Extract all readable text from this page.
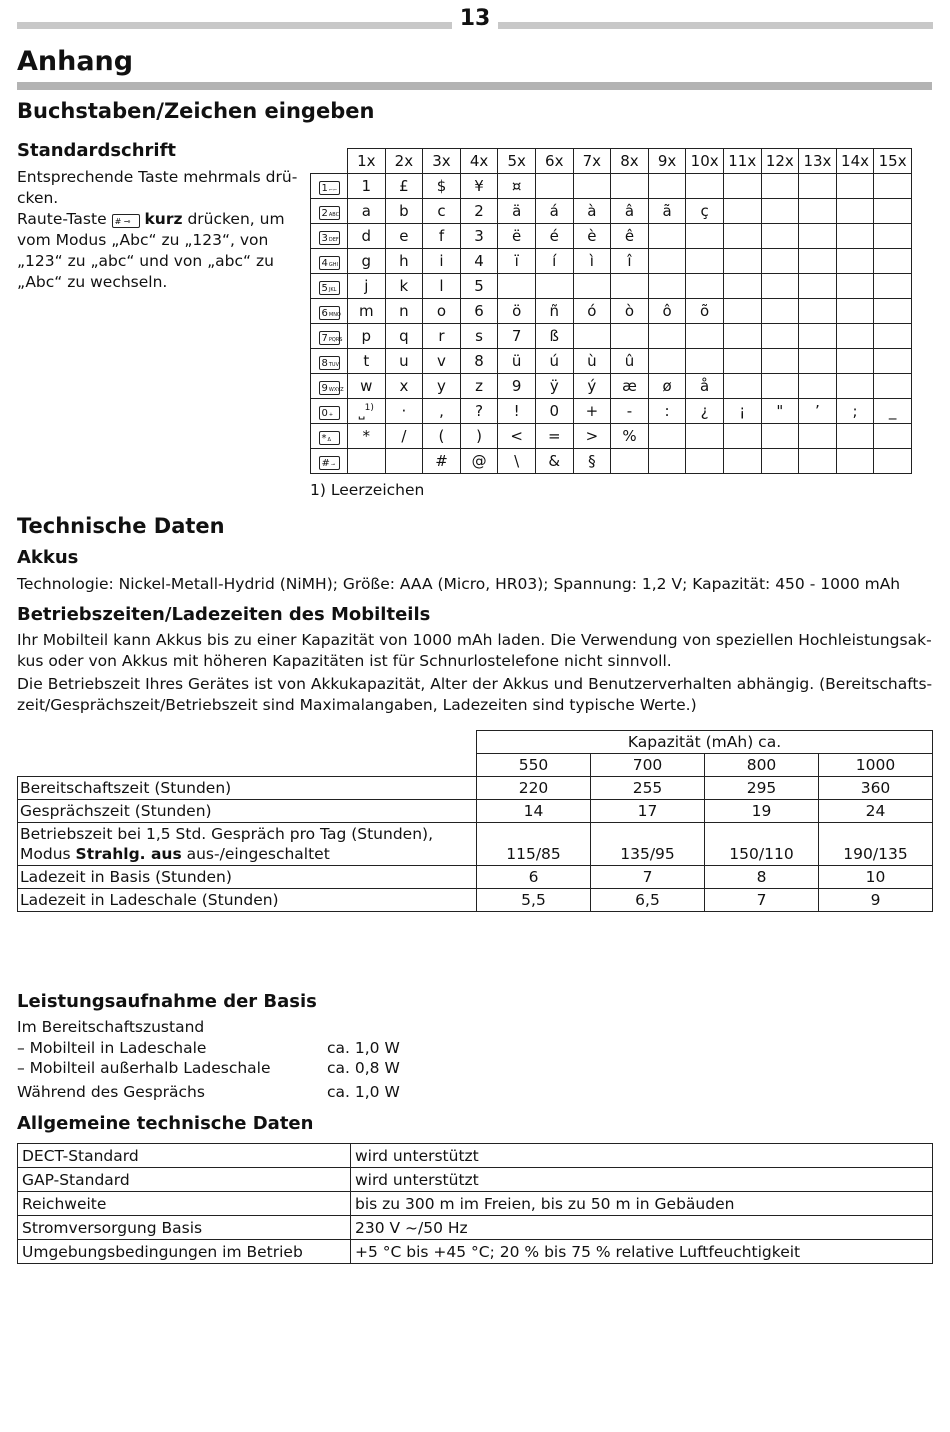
13
Anhang
Buchstaben/Zeichen eingeben
Standardschrift

Entsprechende Taste mehrmals drü-cken.

Raute-Taste # ⊸ kurz drücken, um vom Modus „Abc“ zu „123“, von „123“ zu „abc“ und von „abc“ zu „Abc“ zu wechseln.

	1x	2x	3x	4x	5x	6x	7x	8x	9x	10x	11x	12x	13x	14x	15x
1⌐⌐	1	£	$	¥	¤										
2ABC	a	b	c	2	ä	á	à	â	ã	ç					
3DEF	d	e	f	3	ë	é	è	ê							
4GHI	g	h	i	4	ï	í	ì	î							
5JKL	j	k	l	5											
6MNO	m	n	o	6	ö	ñ	ó	ò	ô	õ					
7PQRS	p	q	r	s	7	ß									
8TUV	t	u	v	8	ü	ú	ù	û							
9WXYZ	w	x	y	z	9	ÿ	ý	æ	ø	å					
0+	⎵$^{1)}$	·	,	?	!	0	+	-	:	¿	¡	"	’	;	_
*Δ	*	/	(	)	<	=	>	%							
#⊸			#	@	\	&	§								
1) Leerzeichen
Technische Daten
Akkus
Technologie: Nickel-Metall-Hydrid (NiMH); Größe: AAA (Micro, HR03); Spannung: 1,2 V; Kapazität: 450 - 1000 mAh
Betriebszeiten/Ladezeiten des Mobilteils

Ihr Mobilteil kann Akkus bis zu einer Kapazität von 1000 mAh laden. Die Verwendung von speziellen Hochleistungsak-kus oder von Akkus mit höheren Kapazitäten ist für Schnurlostelefone nicht sinnvoll.

Die Betriebszeit Ihres Gerätes ist von Akkukapazität, Alter der Akkus und Benutzerverhalten abhängig. (Bereitschafts-zeit/Gesprächszeit/Betriebszeit sind Maximalangaben, Ladezeiten sind typische Werte.)

	Kapazität (mAh) ca.			
	550	700	800	1000
Bereitschaftszeit (Stunden)	220	255	295	360
Gesprächszeit (Stunden)	14	17	19	24
Betriebszeit bei 1,5 Std. Gespräch pro Tag (Stunden),
Modus Strahlg. aus aus-/eingeschaltet	115/85	135/95	150/110	190/135
Ladezeit in Basis (Stunden)	6	7	8	10
Ladezeit in Ladeschale (Stunden)	5,5	6,5	7	9
Leistungsaufnahme der Basis
Im Bereitschaftszustand
– Mobilteil in Ladeschale	ca. 1,0 W
– Mobilteil außerhalb Ladeschale	ca. 0,8 W
Während des Gesprächs	ca. 1,0 W
Allgemeine technische Daten
DECT-Standard	wird unterstützt
GAP-Standard	wird unterstützt
Reichweite	bis zu 300 m im Freien, bis zu 50 m in Gebäuden
Stromversorgung Basis	230 V ~/50 Hz
Umgebungsbedingungen im Betrieb	+5 °C bis +45 °C; 20 % bis 75 % relative Luftfeuchtigkeit
